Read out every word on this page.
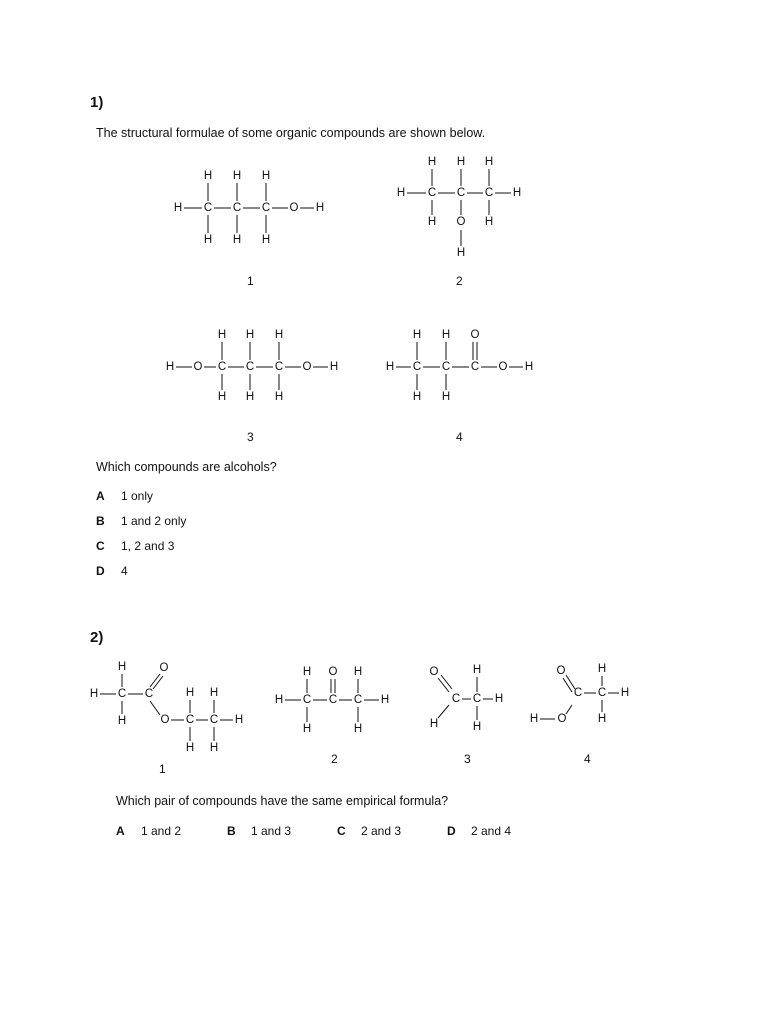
1)
The structural formulae of some organic compounds are shown below.
H C C C O H
H H H
H H H
1
H C C C H
H H H
H O H
H
2
H O C C C O H
H H H
H H H
3
H C C C O H
H H O
H H
4
Which compounds are alcohols?
A 1 only
B 1 and 2 only
C 1, 2 and 3
D 4
2)
H C C
H
H
O
O C C H
H H
H H
1
H C C C H
H O H
H	H
2
O
C C H
H
H
H
3
O
C C H
H
H
H O
4
Which pair of compounds have the same empirical formula?
A 1 and 2	B 1 and 3	C 2 and 3	D 2 and 4
